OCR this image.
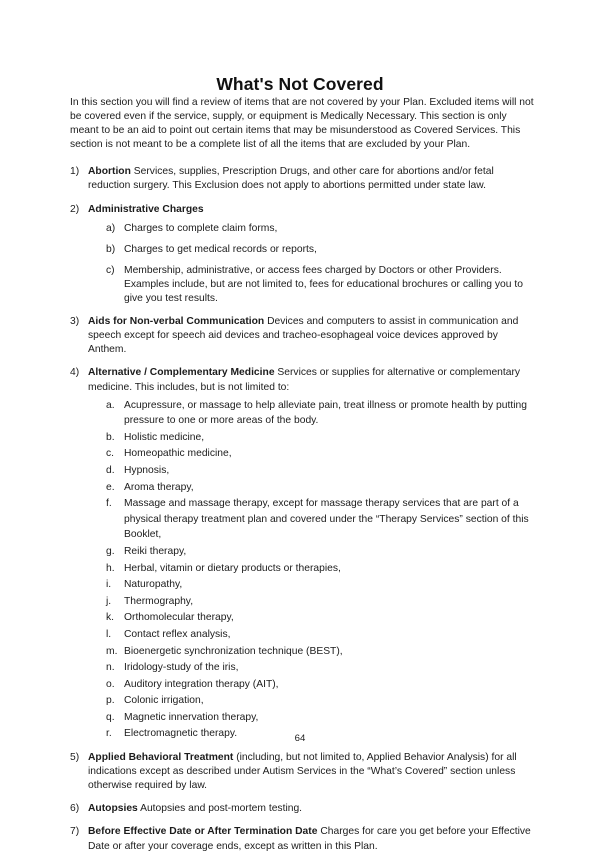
What's Not Covered

In this section you will find a review of items that are not covered by your Plan. Excluded items will not be covered even if the service, supply, or equipment is Medically Necessary. This section is only meant to be an aid to point out certain items that may be misunderstood as Covered Services. This section is not meant to be a complete list of all the items that are excluded by your Plan.

1) Abortion Services, supplies, Prescription Drugs, and other care for abortions and/or fetal reduction surgery. This Exclusion does not apply to abortions permitted under state law.
2) Administrative Charges
a) Charges to complete claim forms,
b) Charges to get medical records or reports,
c) Membership, administrative, or access fees charged by Doctors or other Providers. Examples include, but are not limited to, fees for educational brochures or calling you to give you test results.
3) Aids for Non-verbal Communication Devices and computers to assist in communication and speech except for speech aid devices and tracheo-esophageal voice devices approved by Anthem.
4) Alternative / Complementary Medicine Services or supplies for alternative or complementary medicine. This includes, but is not limited to:
a. Acupressure, or massage to help alleviate pain, treat illness or promote health by putting pressure to one or more areas of the body.
b. Holistic medicine,
c. Homeopathic medicine,
d. Hypnosis,
e. Aroma therapy,
f.	Massage and massage therapy, except for massage therapy services that are part of a physical therapy treatment plan and covered under the “Therapy Services” section of this Booklet,
g. Reiki therapy,
h. Herbal, vitamin or dietary products or therapies,
i.	Naturopathy,
j.	Thermography,
k. Orthomolecular therapy,
l.	Contact reflex analysis,
m. Bioenergetic synchronization technique (BEST),
n. Iridology-study of the iris,
o. Auditory integration therapy (AIT),
p. Colonic irrigation,
q. Magnetic innervation therapy,
r.	Electromagnetic therapy.
5) Applied Behavioral Treatment (including, but not limited to, Applied Behavior Analysis) for all indications except as described under Autism Services in the “What’s Covered” section unless otherwise required by law.
6) Autopsies Autopsies and post-mortem testing.
7) Before Effective Date or After Termination Date Charges for care you get before your Effective Date or after your coverage ends, except as written in this Plan.
64
